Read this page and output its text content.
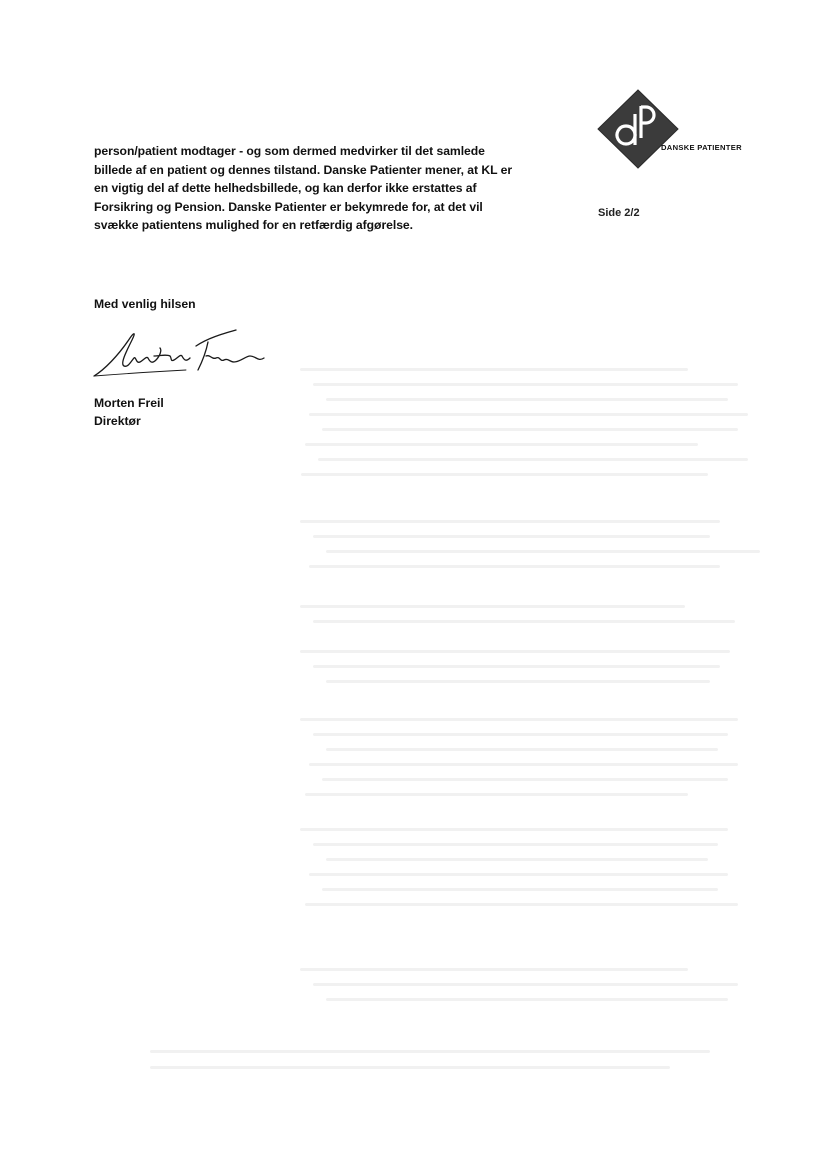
DANSKE PATIENTER
Side 2/2
person/patient modtager - og som dermed medvirker til det samlede
billede af en patient og dennes tilstand. Danske Patienter mener, at KL er
en vigtig del af dette helhedsbillede, og kan derfor ikke erstattes af
Forsikring og Pension. Danske Patienter er bekymrede for, at det vil
svække patientens mulighed for en retfærdig afgørelse.
Med venlig hilsen
Morten Freil
Direktør
